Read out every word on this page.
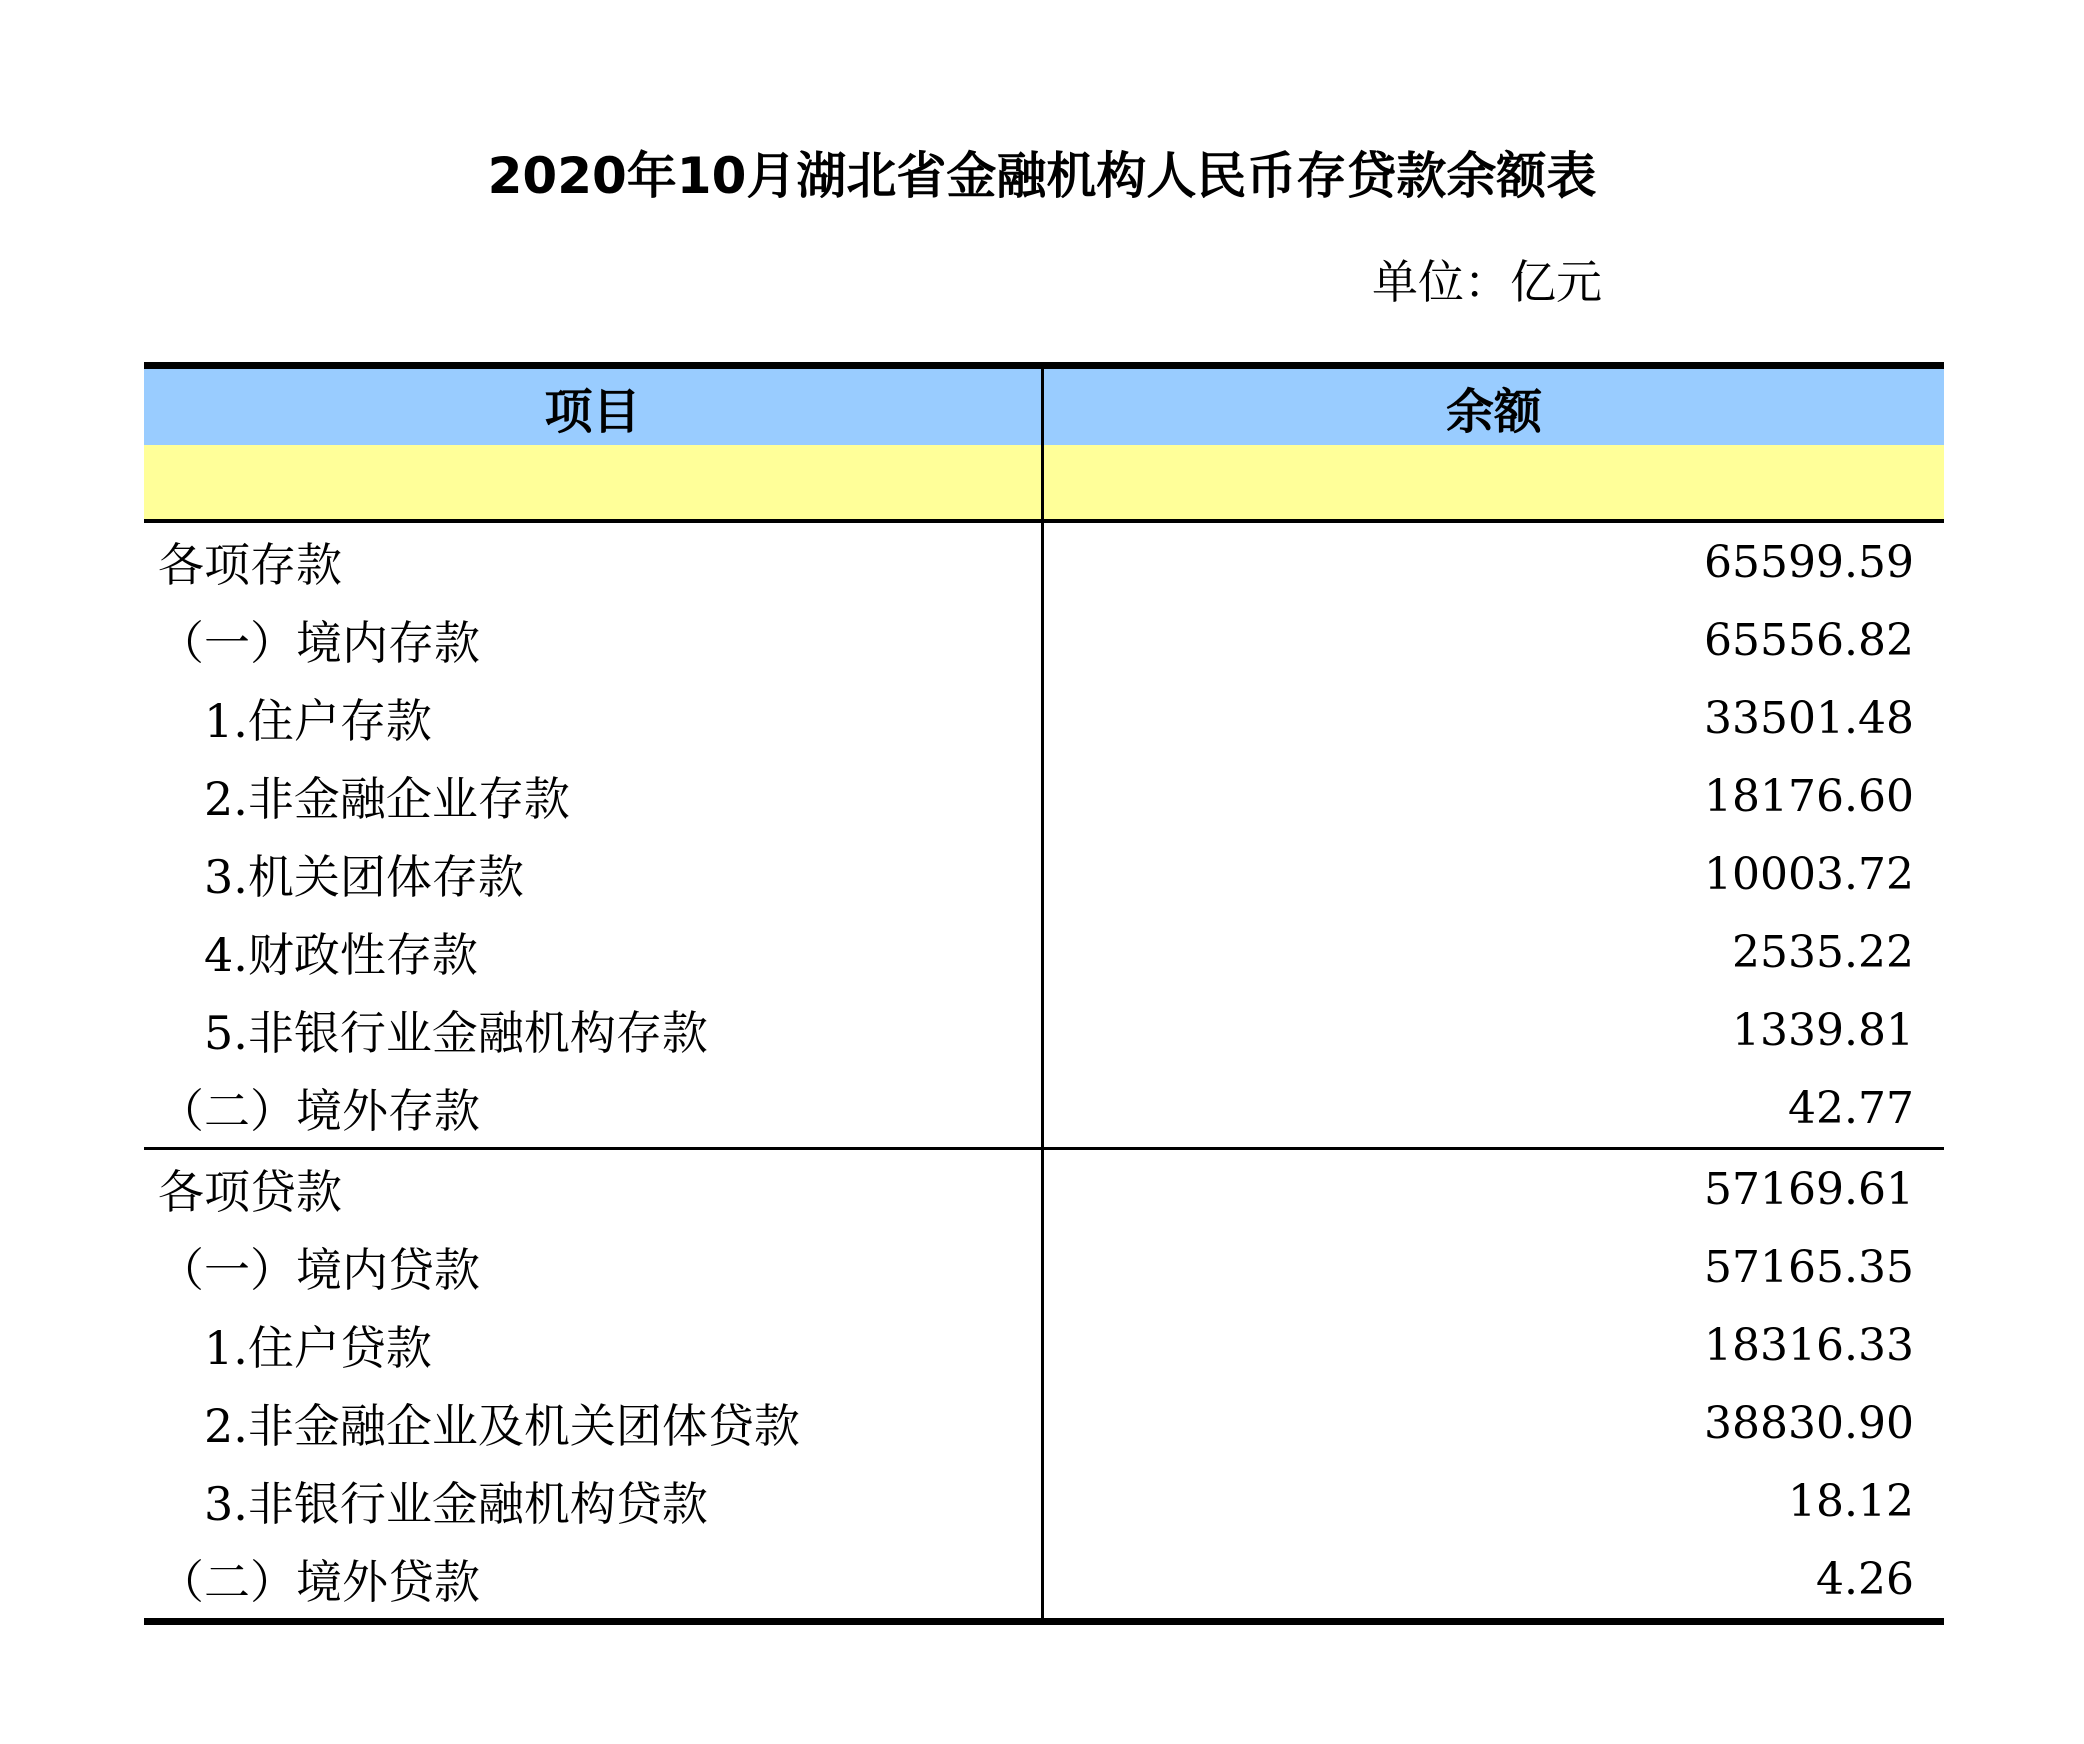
2020年10月湖北省金融机构人民币存贷款余额表
单位：亿元
项目	余额
各项存款	65599.59
（一）境内存款	65556.82
1.住户存款	33501.48
2.非金融企业存款	18176.60
3.机关团体存款	10003.72
4.财政性存款	2535.22
5.非银行业金融机构存款	1339.81
（二）境外存款	42.77
各项贷款	57169.61
（一）境内贷款	57165.35
1.住户贷款	18316.33
2.非金融企业及机关团体贷款	38830.90
3.非银行业金融机构贷款	18.12
（二）境外贷款	4.26
